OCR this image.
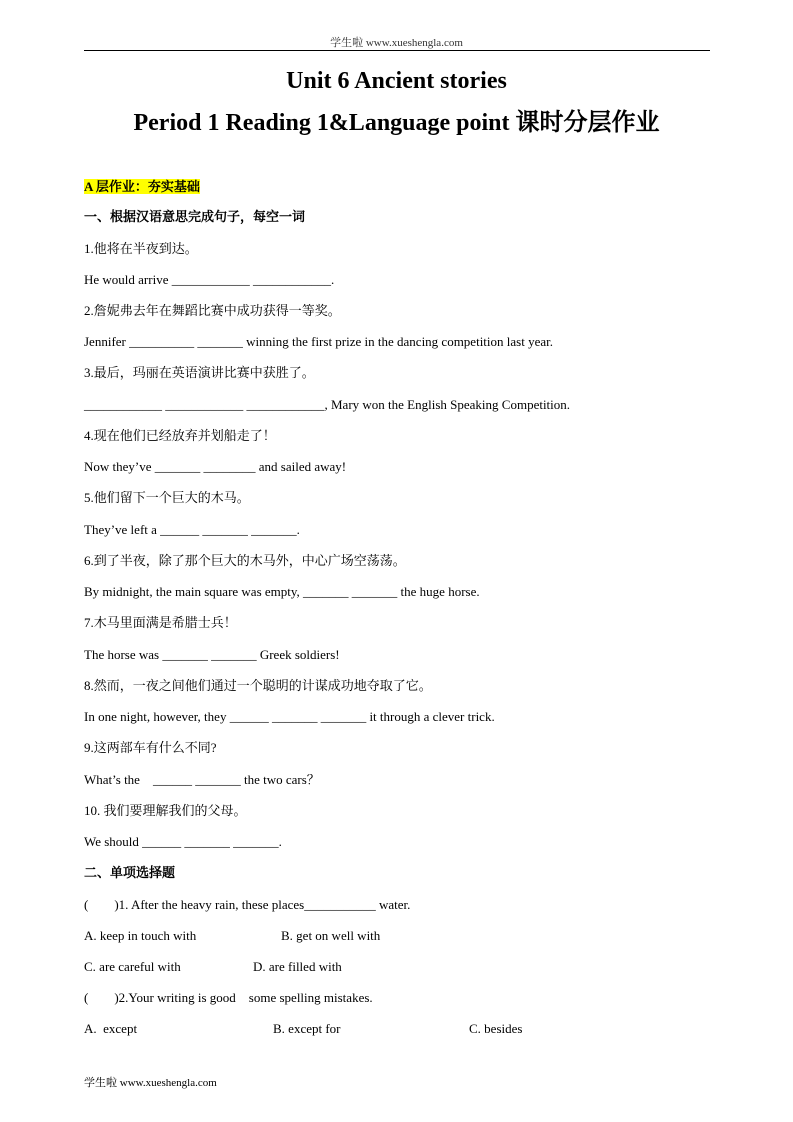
学生啦 www.xueshengla.com
Unit 6 Ancient stories
Period 1 Reading 1&Language point 课时分层作业
A 层作业：夯实基础
一、根据汉语意思完成句子，每空一词
1.他将在半夜到达。
He would arrive ____________ ____________.
2.詹妮弗去年在舞蹈比赛中成功获得一等奖。
Jennifer __________ _______ winning the first prize in the dancing competition last year.
3.最后，玛丽在英语演讲比赛中获胜了。
____________ ____________ ____________, Mary won the English Speaking Competition.
4.现在他们已经放弃并划船走了！
Now they’ve _______ ________ and sailed away!
5.他们留下一个巨大的木马。
They’ve left a ______ _______ _______.
6.到了半夜，除了那个巨大的木马外，中心广场空荡荡。
By midnight, the main square was empty, _______ _______ the huge horse.
7.木马里面满是希腊士兵！
The horse was _______ _______ Greek soldiers!
8.然而，一夜之间他们通过一个聪明的计谋成功地夺取了它。
In one night, however, they ______ _______ _______ it through a clever trick.
9.这两部车有什么不同?
What’s the    ______ _______ the two cars？
10. 我们要理解我们的父母。
We should ______ _______ _______.
二、单项选择题
(        )1. After the heavy rain, these places___________ water.
A. keep in touch with	B. get on well with
C. are careful with	D. are filled with
(        )2.Your writing is good    some spelling mistakes.
A.  except	B. except for	C. besides
学生啦 www.xueshengla.com
